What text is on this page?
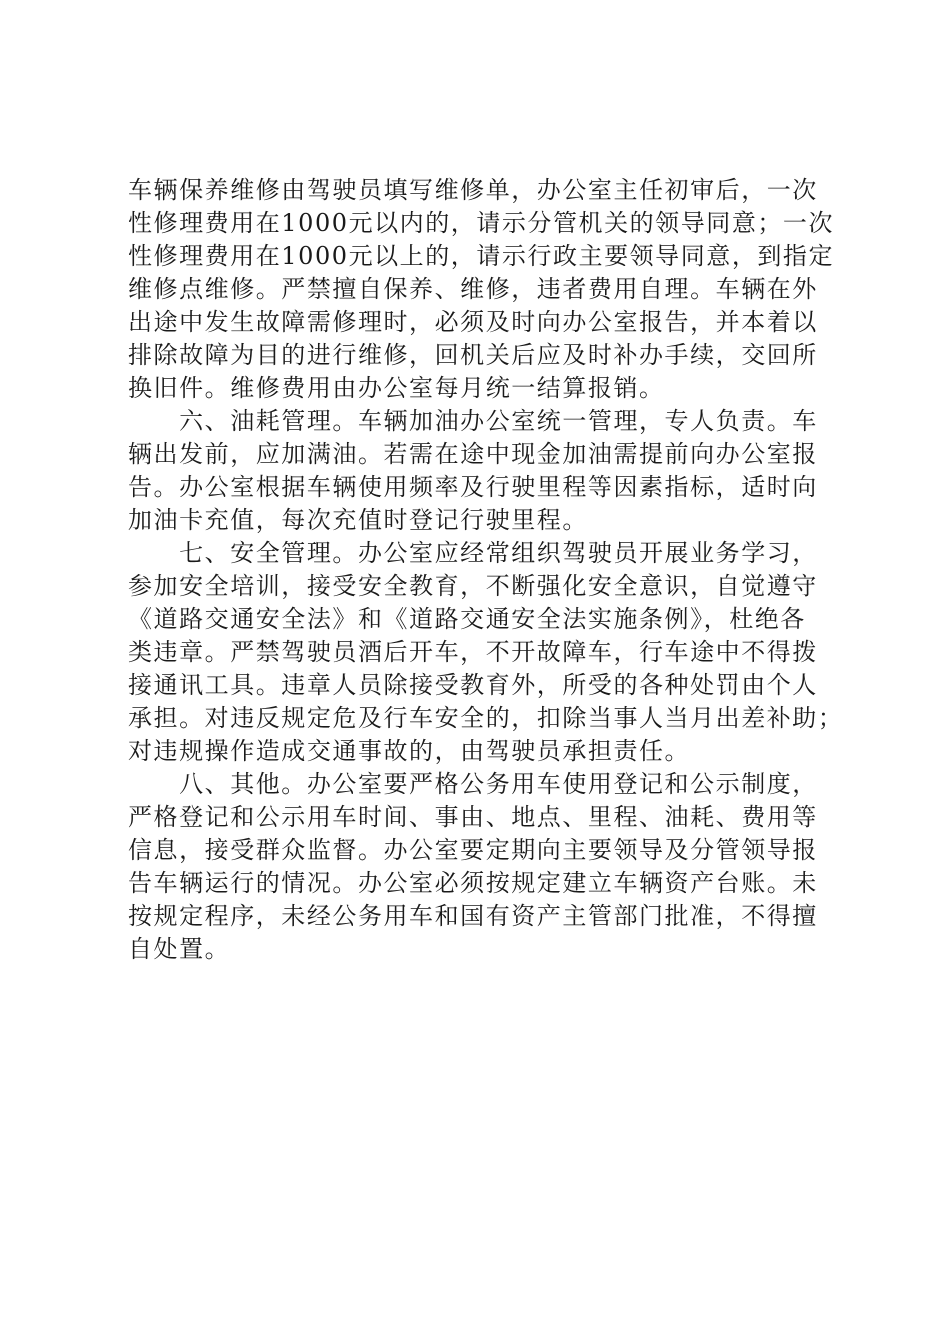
车辆保养维修由驾驶员填写维修单，办公室主任初审后，一次
性修理费用在1000元以内的，请示分管机关的领导同意；一次
性修理费用在1000元以上的，请示行政主要领导同意，到指定
维修点维修。严禁擅自保养、维修，违者费用自理。车辆在外
出途中发生故障需修理时，必须及时向办公室报告，并本着以
排除故障为目的进行维修，回机关后应及时补办手续，交回所
换旧件。维修费用由办公室每月统一结算报销。
　　六、油耗管理。车辆加油办公室统一管理，专人负责。车
辆出发前，应加满油。若需在途中现金加油需提前向办公室报
告。办公室根据车辆使用频率及行驶里程等因素指标，适时向
加油卡充值，每次充值时登记行驶里程。
　　七、安全管理。办公室应经常组织驾驶员开展业务学习，
参加安全培训，接受安全教育，不断强化安全意识，自觉遵守
《道路交通安全法》和《道路交通安全法实施条例》，杜绝各
类违章。严禁驾驶员酒后开车，不开故障车，行车途中不得拨
接通讯工具。违章人员除接受教育外，所受的各种处罚由个人
承担。对违反规定危及行车安全的，扣除当事人当月出差补助；
对违规操作造成交通事故的，由驾驶员承担责任。
　　八、其他。办公室要严格公务用车使用登记和公示制度，
严格登记和公示用车时间、事由、地点、里程、油耗、费用等
信息，接受群众监督。办公室要定期向主要领导及分管领导报
告车辆运行的情况。办公室必须按规定建立车辆资产台账。未
按规定程序，未经公务用车和国有资产主管部门批准，不得擅
自处置。
